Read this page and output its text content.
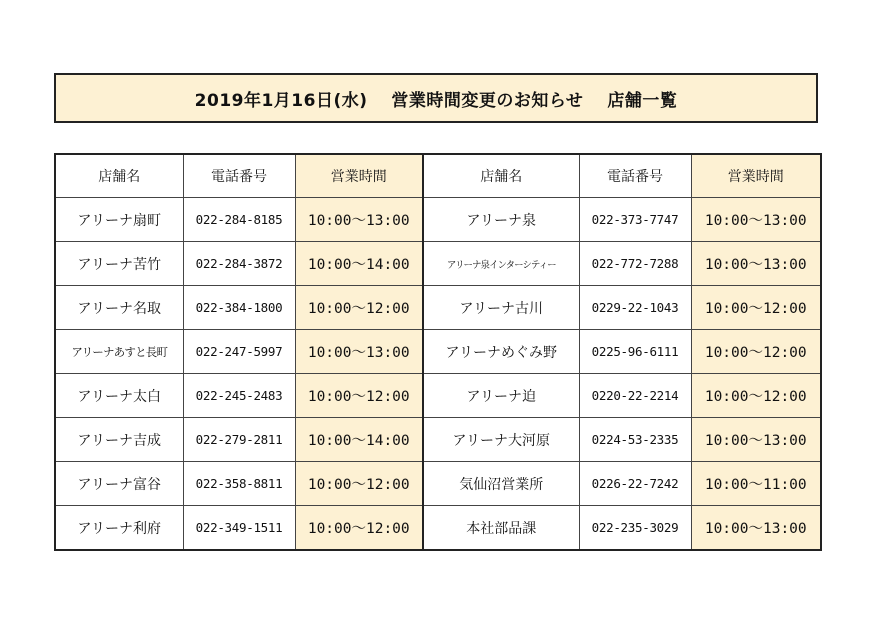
2019年1月16日(水)　 営業時間変更のお知らせ　 店舗一覧
店舗名	電話番号	営業時間	店舗名	電話番号	営業時間
アリーナ扇町	022-284-8185	10:00～13:00	アリーナ泉	022-373-7747	10:00～13:00
アリーナ苦竹	022-284-3872	10:00～14:00	アリーナ泉インターシティー	022-772-7288	10:00～13:00
アリーナ名取	022-384-1800	10:00～12:00	アリーナ古川	0229-22-1043	10:00～12:00
アリーナあすと長町	022-247-5997	10:00～13:00	アリーナめぐみ野	0225-96-6111	10:00～12:00
アリーナ太白	022-245-2483	10:00～12:00	アリーナ迫	0220-22-2214	10:00～12:00
アリーナ吉成	022-279-2811	10:00～14:00	アリーナ大河原	0224-53-2335	10:00～13:00
アリーナ富谷	022-358-8811	10:00～12:00	気仙沼営業所	0226-22-7242	10:00～11:00
アリーナ利府	022-349-1511	10:00～12:00	本社部品課	022-235-3029	10:00～13:00
